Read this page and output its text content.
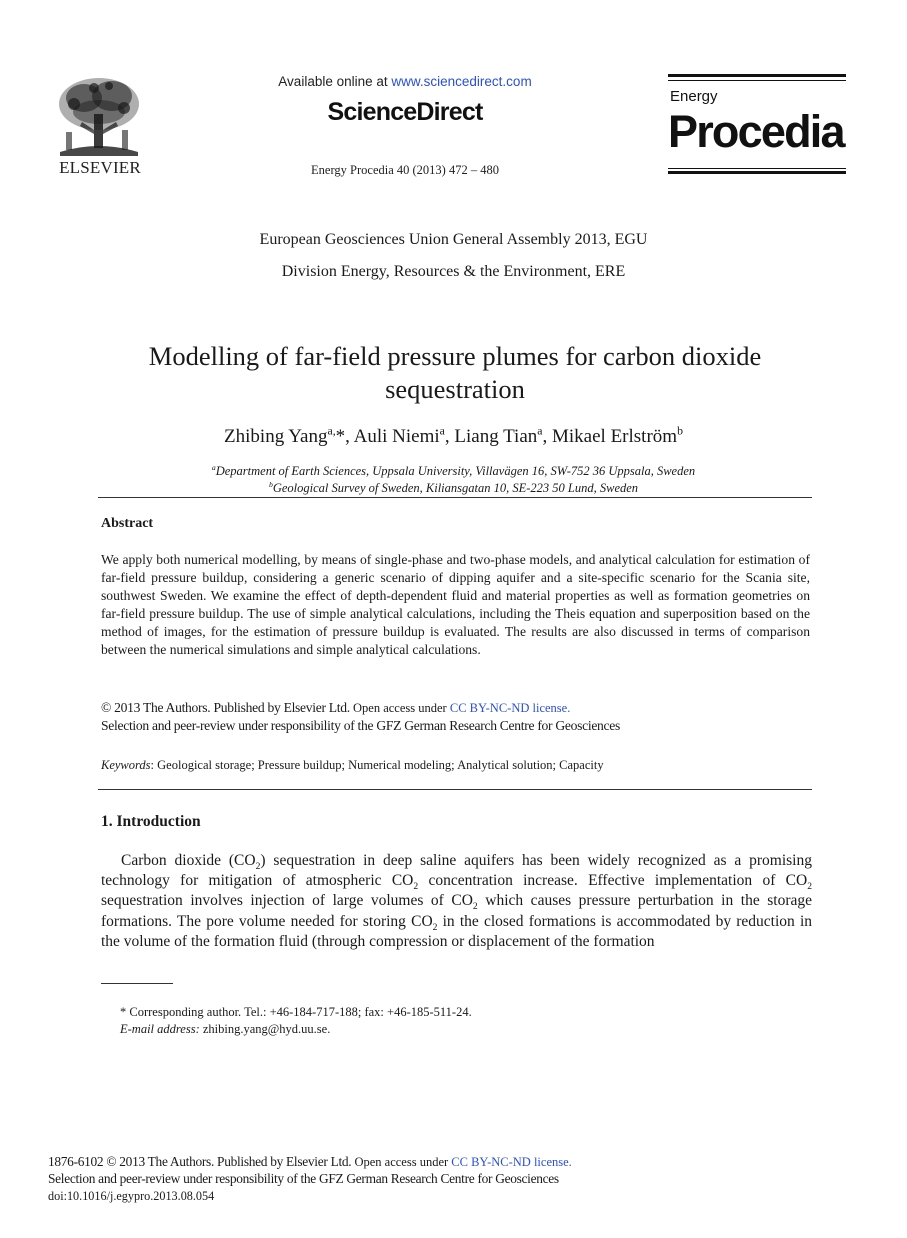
ELSEVIER
Available online at www.sciencedirect.com
ScienceDirect
Energy Procedia 40 (2013) 472 – 480
Energy
Procedia
European Geosciences Union General Assembly 2013, EGU
Division Energy, Resources & the Environment, ERE
Modelling of far-field pressure plumes for carbon dioxide
sequestration
Zhibing Yang$^{a,}$*, Auli Niemi$^a$, Liang Tian$^a$, Mikael Erlström$^b$
$^a$Department of Earth Sciences, Uppsala University, Villavägen 16, SW-752 36 Uppsala, Sweden
$^b$Geological Survey of Sweden, Kiliansgatan 10, SE-223 50 Lund, Sweden
Abstract
We apply both numerical modelling, by means of single-phase and two-phase models, and analytical calculation for estimation of far-field pressure buildup, considering a generic scenario of dipping aquifer and a site-specific scenario for the Scania site, southwest Sweden. We examine the effect of depth-dependent fluid and material properties as well as formation geometries on far-field pressure buildup. The use of simple analytical calculations, including the Theis equation and superposition based on the method of images, for the estimation of pressure buildup is evaluated. The results are also discussed in terms of comparison between the numerical simulations and simple analytical calculations.
© 2013 The Authors. Published by Elsevier Ltd. Open access under CC BY-NC-ND license.
Selection and peer-review under responsibility of the GFZ German Research Centre for Geosciences
Keywords: Geological storage; Pressure buildup; Numerical modeling; Analytical solution; Capacity
1. Introduction
Carbon dioxide $(CO_2)$ sequestration in deep saline aquifers has been widely recognized as a promising technology for mitigation of atmospheric $CO_2$ concentration increase. Effective implementation of $CO_2$ sequestration involves injection of large volumes of $CO_2$ which causes pressure perturbation in the storage formations. The pore volume needed for storing $CO_2$ in the closed formations is accommodated by reduction in the volume of the formation fluid (through compression or displacement of the formation
* Corresponding author. Tel.: +46-184-717-188; fax: +46-185-511-24.
E-mail address: zhibing.yang@hyd.uu.se.
1876-6102 © 2013 The Authors. Published by Elsevier Ltd. Open access under CC BY-NC-ND license.
Selection and peer-review under responsibility of the GFZ German Research Centre for Geosciences
doi:10.1016/j.egypro.2013.08.054
